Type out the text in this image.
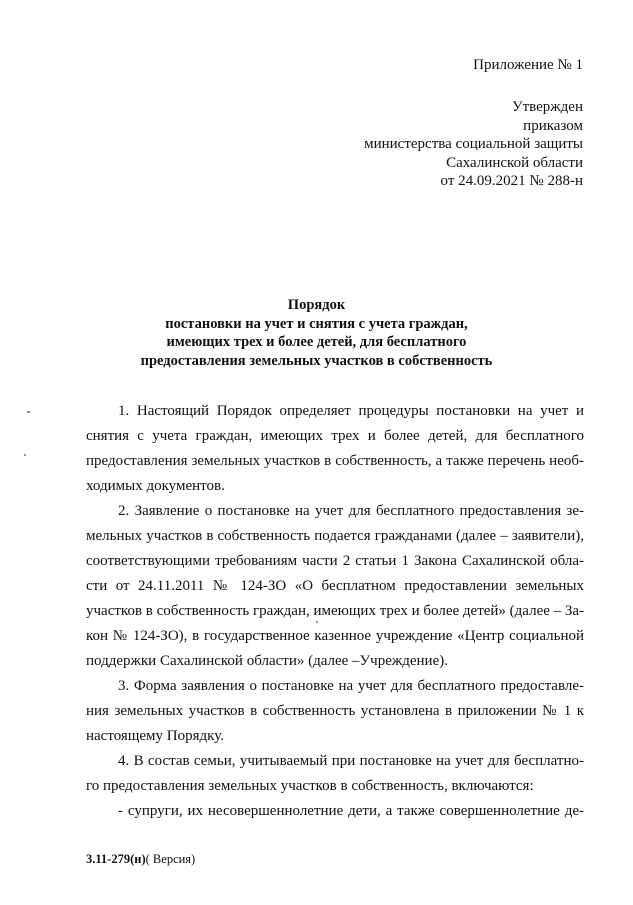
Приложение № 1
Утвержден
приказом
министерства социальной защиты
Сахалинской области
от 24.09.2021 № 288-н
Порядок
постановки на учет и снятия с учета граждан,
имеющих трех и более детей, для бесплатного
предоставления земельных участков в собственность
1. Настоящий Порядок определяет процедуры постановки на учет и
снятия с учета граждан, имеющих трех и более детей, для бесплатного
предоставления земельных участков в собственность, а также перечень необ-
ходимых документов.
2. Заявление о постановке на учет для бесплатного предоставления зе-
мельных участков в собственность подается гражданами (далее – заявители),
соответствующими требованиям части 2 статьи 1 Закона Сахалинской обла-
сти от 24.11.2011 № 124-ЗО «О бесплатном предоставлении земельных
участков в собственность граждан, имеющих трех и более детей» (далее – За-
кон № 124-ЗО), в государственное казенное учреждение «Центр социальной
поддержки Сахалинской области» (далее –Учреждение).
3. Форма заявления о постановке на учет для бесплатного предоставле-
ния земельных участков в собственность установлена в приложении № 1 к
настоящему Порядку.
4. В состав семьи, учитываемый при постановке на учет для бесплатно-
го предоставления земельных участков в собственность, включаются:
- супруги, их несовершеннолетние дети, а также совершеннолетние де-
3.11-279(н)( Версия)
